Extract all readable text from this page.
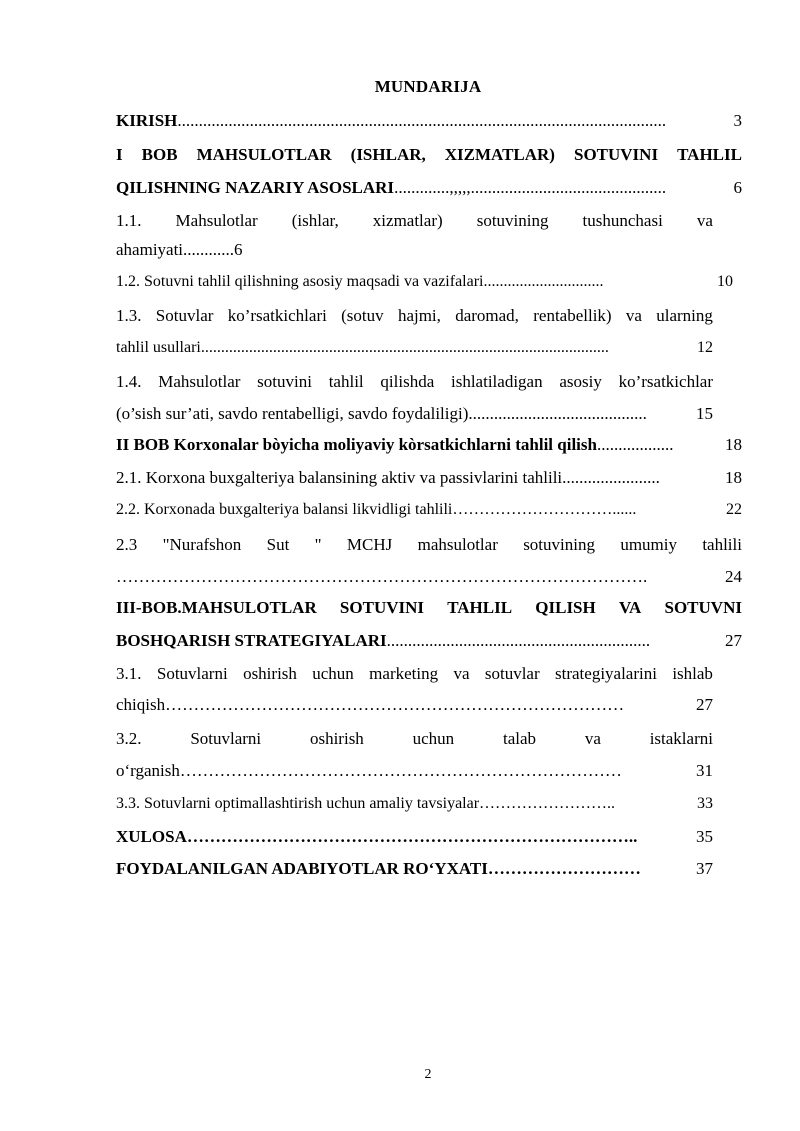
MUNDARIJA
KIRISH ...................................................................................................................	3
I BOB MAHSULOTLAR (ISHLAR, XIZMATLAR) SOTUVINI TAHLIL
QILISHNING NAZARIY ASOSLARI .............,,,,,..............................................	6
1.1. Mahsulotlar (ishlar, xizmatlar) sotuvining tushunchasi va
ahamiyati............6
1.2. Sotuvni tahlil qilishning asosiy maqsadi va vazifalari ..............................	10
1.3. Sotuvlar ko’rsatkichlari (sotuv hajmi, daromad, rentabellik) va ularning
tahlil usullari ......................................................................................................	12
1.4. Mahsulotlar sotuvini tahlil qilishda ishlatiladigan asosiy ko’rsatkichlar
(o’sish sur’ati, savdo rentabelligi, savdo foydaliligi) ..........................................	15
II BOB Korxonalar bòyicha moliyaviy kòrsatkichlarni tahlil qilish ..................	18
2.1. Korxona buxgalteriya balansining aktiv va passivlarini tahlili .......................	18
2.2. Korxonada buxgalteriya balansi likvidligi tahlili …………………………......	22
2.3 "Nurafshon Sut " MCHJ mahsulotlar sotuvining umumiy tahlili
………………………………………………………………………………….	24
III-BOB.MAHSULOTLAR SOTUVINI TAHLIL QILISH VA SOTUVNI
BOSHQARISH STRATEGIYALARI ..............................................................	27
3.1. Sotuvlarni oshirish uchun marketing va sotuvlar strategiyalarini ishlab
chiqish ………………………………………………………………………	27
3.2.	Sotuvlarni	oshirish	uchun	talab	va	istaklarni
o‘rganish ……………………………………………………………………	31
3.3. Sotuvlarni optimallashtirish uchun amaliy tavsiyalar ……………………..	33
XULOSA ……………………………………………………………………..	35
FOYDALANILGAN ADABIYOTLAR RO‘YXATI ………………………	37
2
